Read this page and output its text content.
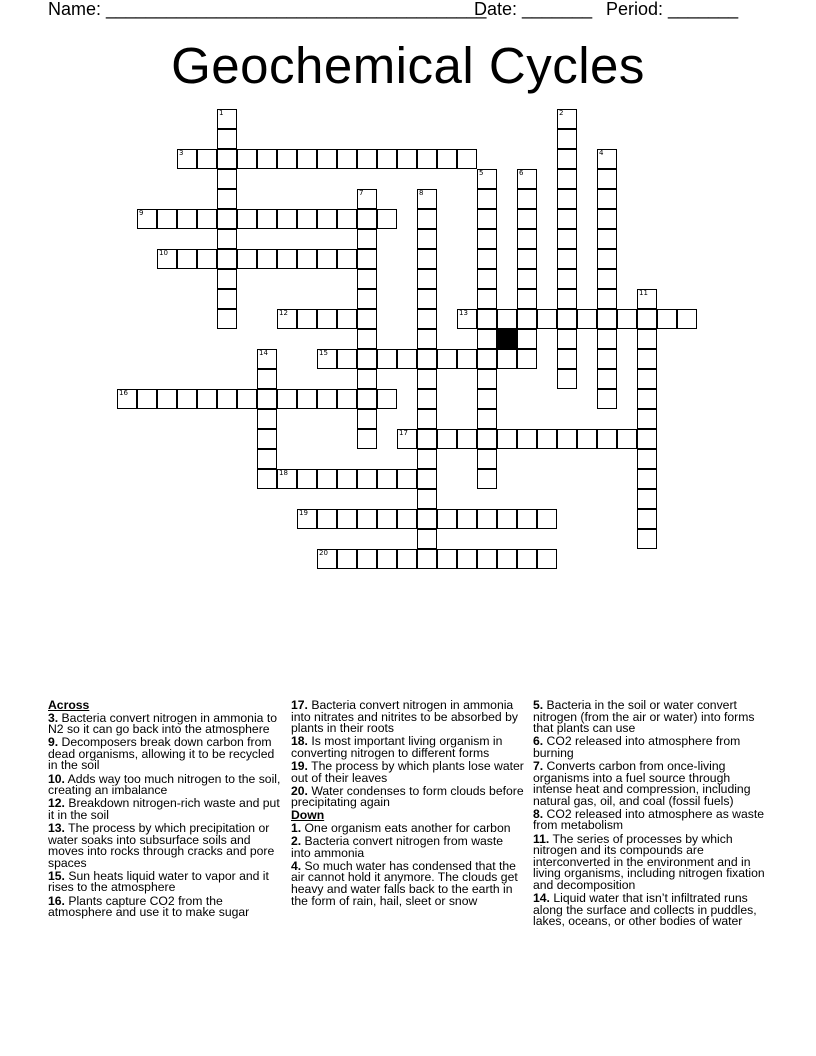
Name: ______________________________________

Date: _______

Period: _______

Geochemical Cycles
1	2
3	4
5	6
7	8
9
10
11
12	13
14	15
16
17
18
19
20
Across
3. Bacteria convert nitrogen in ammonia to N2 so it can go back into the atmosphere
9. Decomposers break down carbon from dead organisms, allowing it to be recycled in the soil
10. Adds way too much nitrogen to the soil, creating an imbalance
12. Breakdown nitrogen-rich waste and put it in the soil
13. The process by which precipitation or water soaks into subsurface soils and moves into rocks through cracks and pore spaces
15. Sun heats liquid water to vapor and it rises to the atmosphere
16. Plants capture CO2 from the atmosphere and use it to make sugar
17. Bacteria convert nitrogen in ammonia into nitrates and nitrites to be absorbed by plants in their roots
18. Is most important living organism in converting nitrogen to different forms
19. The process by which plants lose water out of their leaves
20. Water condenses to form clouds before precipitating again
Down
1. One organism eats another for carbon
2. Bacteria convert nitrogen from waste into ammonia
4. So much water has condensed that the air cannot hold it anymore. The clouds get heavy and water falls back to the earth in the form of rain, hail, sleet or snow
5. Bacteria in the soil or water convert nitrogen (from the air or water) into forms that plants can use
6. CO2 released into atmosphere from burning
7. Converts carbon from once-living organisms into a fuel source through intense heat and compression, including natural gas, oil, and coal (fossil fuels)
8. CO2 released into atmosphere as waste from metabolism
11. The series of processes by which nitrogen and its compounds are interconverted in the environment and in living organisms, including nitrogen fixation and decomposition
14. Liquid water that isn’t infiltrated runs along the surface and collects in puddles, lakes, oceans, or other bodies of water
